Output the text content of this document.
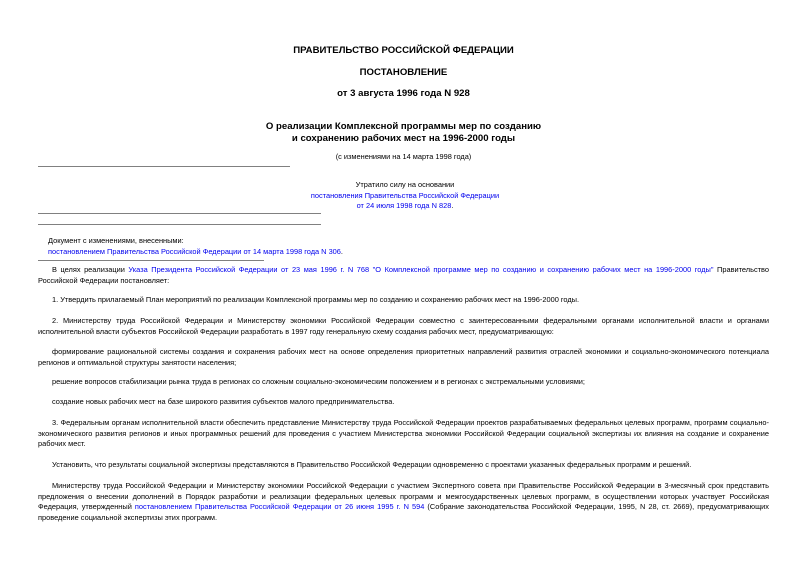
ПРАВИТЕЛЬСТВО РОССИЙСКОЙ ФЕДЕРАЦИИ
ПОСТАНОВЛЕНИЕ
от 3 августа 1996 года N 928
О реализации Комплексной программы мер по созданию
и сохранению рабочих мест на 1996-2000 годы
(с изменениями на 14 марта 1998 года)
Утратило силу на основании
постановления Правительства Российской Федерации
от 24 июля 1998 года N 828.
Документ с изменениями, внесенными:
постановлением Правительства Российской Федерации от 14 марта 1998 года N 306.

В целях реализации Указа Президента Российской Федерации от 23 мая 1996 г. N 768 "О Комплексной программе мер по созданию и сохранению рабочих мест на 1996-2000 годы" Правительство Российской Федерации постановляет:

1. Утвердить прилагаемый План мероприятий по реализации Комплексной программы мер по созданию и сохранению рабочих мест на 1996-2000 годы.

2. Министерству труда Российской Федерации и Министерству экономики Российской Федерации совместно с заинтересованными федеральными органами исполнительной власти и органами исполнительной власти субъектов Российской Федерации разработать в 1997 году генеральную схему создания рабочих мест, предусматривающую:

формирование рациональной системы создания и сохранения рабочих мест на основе определения приоритетных направлений развития отраслей экономики и социально-экономического потенциала регионов и оптимальной структуры занятости населения;

решение вопросов стабилизации рынка труда в регионах со сложным социально-экономическим положением и в регионах с экстремальными условиями;

создание новых рабочих мест на базе широкого развития субъектов малого предпринимательства.

3. Федеральным органам исполнительной власти обеспечить представление Министерству труда Российской Федерации проектов разрабатываемых федеральных целевых программ, программ социально-экономического развития регионов и иных программных решений для проведения с участием Министерства экономики Российской Федерации социальной экспертизы их влияния на создание и сохранение рабочих мест.

Установить, что результаты социальной экспертизы представляются в Правительство Российской Федерации одновременно с проектами указанных федеральных программ и решений.

Министерству труда Российской Федерации и Министерству экономики Российской Федерации с участием Экспертного совета при Правительстве Российской Федерации в 3-месячный срок представить предложения о внесении дополнений в Порядок разработки и реализации федеральных целевых программ и межгосударственных целевых программ, в осуществлении которых участвует Российская Федерация, утвержденный постановлением Правительства Российской Федерации от 26 июня 1995 г. N 594 (Собрание законодательства Российской Федерации, 1995, N 28, ст. 2669), предусматривающих проведение социальной экспертизы этих программ.
